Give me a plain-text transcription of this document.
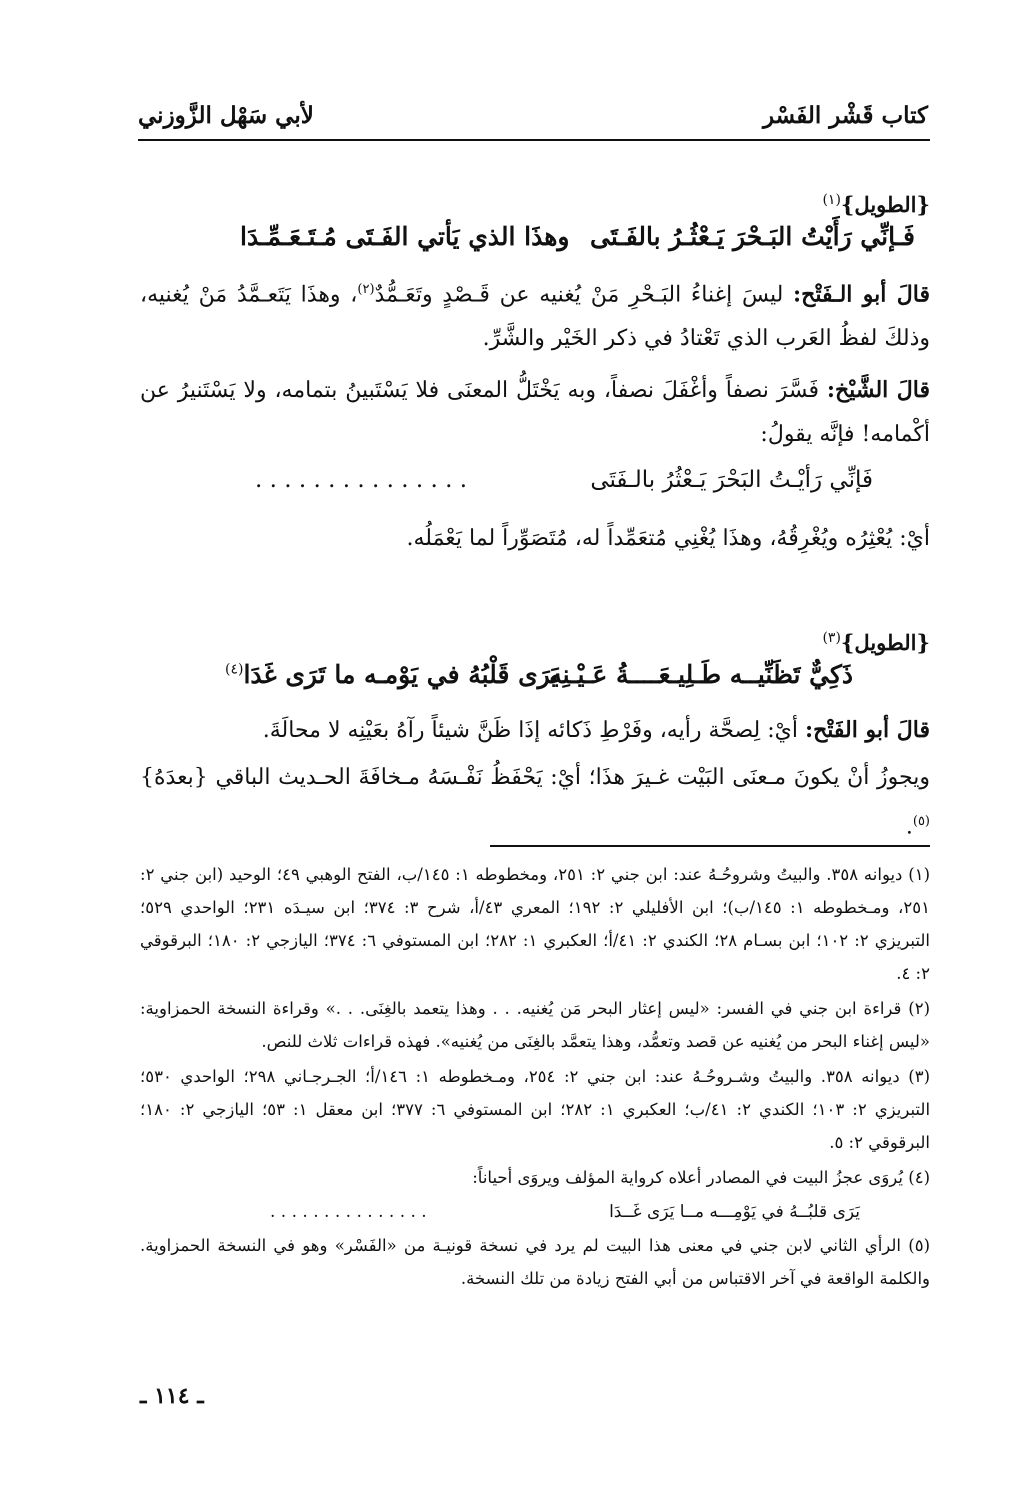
كتاب قَشْر الفَسْر
لأبي سَهْل الزَّوزني
{الطويل}$^{(١)}$
فَـإنِّي رَأَيْتُ البَـحْرَ يَـعْثُـرُ بالفَـتَى
وهذَا الذي يَأتي الفَـتَى مُـتَـعَـمِّـدَا
قالَ أبو الـفَتْح: ليسَ إغناءُ البَـحْرِ مَنْ يُغنيه عن قَـصْدٍ وتَعَـمُّدٌ$^{(٢)}$، وهذَا يَتَعـمَّدُ مَنْ يُغنيه، وذلكَ لفظُ العَرب الذي تَعْتادُ في ذكر الخَيْر والشَّرِّ.
قالَ الشَّيْخ: فَسَّرَ نصفاً وأغْفَلَ نصفاً، وبه يَخْتَلُّ المعنَى فلا يَسْتَبينُ بتمامه، ولا يَسْتَنيرُ عن أكْمامه! فإنَّه يقولُ:
فَإنِّي رَأيْـتُ البَحْرَ يَـعْثُرُ بالـفَتَى
. . . . . . . . . . . . . . .
أيْ: يُعْثِرُه ويُغْرِقُهُ، وهذَا يُغْنِي مُتعَمِّداً له، مُتَصَوِّراً لما يَعْمَلُه.
{الطويل}$^{(٣)}$
ذَكِيٌّ تَظَنِّيــه طَـلِيـعَــــةُ عَـيْـنِه
يَرَى قَلْبُهُ في يَوْمـه ما تَرَى غَدَا$^{(٤)}$
قالَ أبو الفَتْح: أيْ: لِصحَّة رأيه، وفَرْطِ ذَكائه إذَا ظَنَّ شيئاً رآهُ بعَيْنِه لا محالَةَ.
ويجوزُ أنْ يكونَ مـعنَى البَيْت غـيرَ هذَا؛ أيْ: يَحْفَظُ نَفْـسَهُ مـخافَةَ الحـديث الباقي {بعدَهُ}$^{(٥)}$.

(١) ديوانه ٣٥٨. والبيتُ وشروحُـهُ عند: ابن جني ٢: ٢٥١، ومخطوطه ١: ١٤٥/ب، الفتح الوهبي ٤٩؛ الوحيد (ابن جني ٢: ٢٥١، ومـخطوطه ١: ١٤٥/ب)؛ ابن الأفليلي ٢: ١٩٢؛ المعري ٤٣/أ، شرح ٣: ٣٧٤؛ ابن سيـدَه ٢٣١؛ الواحدي ٥٢٩؛ التبريزي ٢: ١٠٢؛ ابن بسـام ٢٨؛ الكندي ٢: ٤١/أ؛ العكبري ١: ٢٨٢؛ ابن المستوفي ٦: ٣٧٤؛ اليازجي ٢: ١٨٠؛ البرقوقي ٢: ٤.

(٢) قراءة ابن جني في الفسر: «ليس إعثار البحر مَن يُغنيه. . . وهذا يتعمد بالغِنَى. . .» وقراءة النسخة الحمزاوية: «ليس إغناء البحر من يُغنيه عن قصد وتعمُّد، وهذا يتعمَّد بالغِنَى من يُغنيه». فهذه قراءات ثلاث للنص.

(٣) ديوانه ٣٥٨. والبيتُ وشـروحُـهُ عند: ابن جني ٢: ٢٥٤، ومـخطوطه ١: ١٤٦/أ؛ الجـرجـاني ٢٩٨؛ الواحدي ٥٣٠؛ التبريزي ٢: ١٠٣؛ الكندي ٢: ٤١/ب؛ العكبري ١: ٢٨٢؛ ابن المستوفي ٦: ٣٧٧؛ ابن معقل ١: ٥٣؛ اليازجي ٢: ١٨٠؛ البرقوقي ٢: ٥.

(٤) يُروَى عجزُ البيت في المصادر أعلاه كرواية المؤلف ويروَى أحياناً:

يَرَى قلبُــهُ في يَوْمِـــه مــا يَرَى غَــدَا
. . . . . . . . . . . . . . .

(٥) الرأي الثاني لابن جني في معنى هذا البيت لم يرد في نسخة قونيـة من «الفَسْر» وهو في النسخة الحمزاوية. والكلمة الواقعة في آخر الاقتباس من أبي الفتح زيادة من تلك النسخة.

ـ ١١٤ ـ
